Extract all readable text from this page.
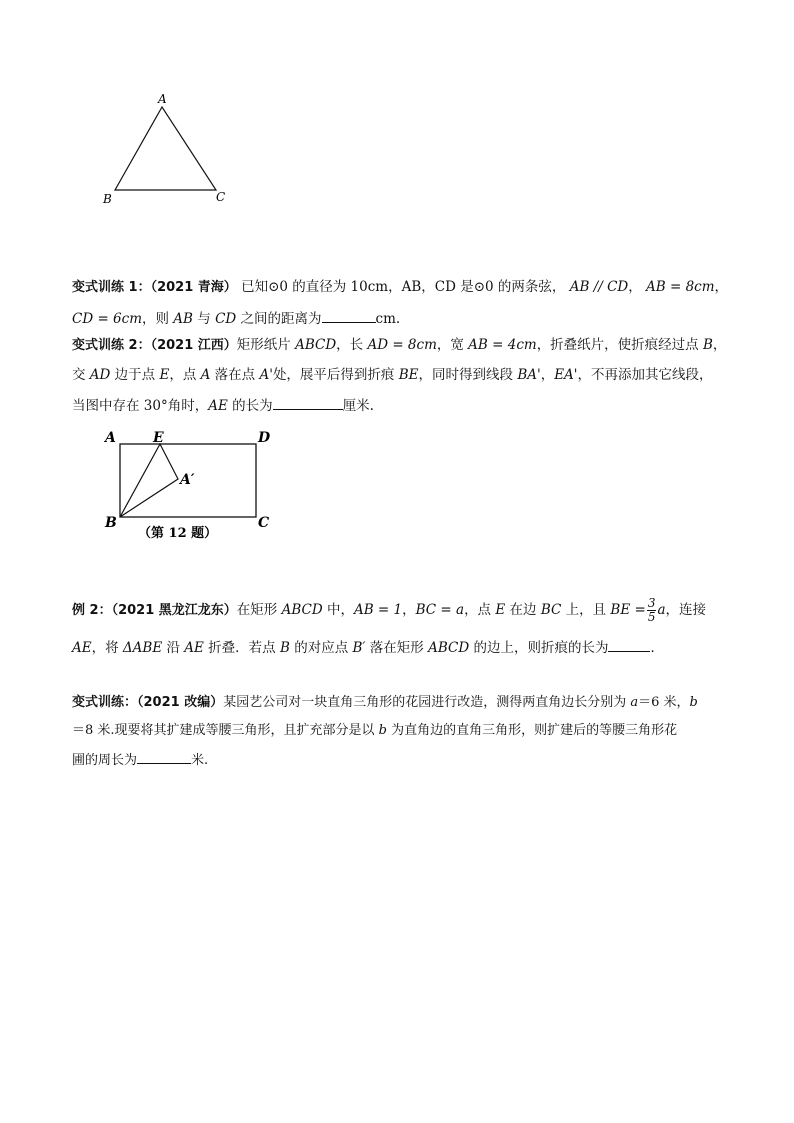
A
B	C
变式训练 1：（2021 青海） 已知⊙0 的直径为 10cm，AB，CD 是⊙0 的两条弦， AB // CD， AB = 8cm，
CD = 6cm，则 AB 与 CD 之间的距离为	cm.
变式训练 2：（2021 江西）矩形纸片 ABCD，长 AD = 8cm，宽 AB = 4cm，折叠纸片，使折痕经过点 B，
交 AD 边于点 E，点 A 落在点 A'处，展平后得到折痕 BE，同时得到线段 BA'，EA'，不再添加其它线段，
当图中存在 30°角时，AE 的长为	厘米.
A	E	D
A′
B	C
（第 12 题）
例 2：（2021 黑龙江龙东）在矩形 ABCD 中，AB = 1，BC = a，点 E 在边 BC 上，且 BE = $\frac{3}{5}$ a，连接
AE，将 ΔABE 沿 AE 折叠．若点 B 的对应点 B′ 落在矩形 ABCD 的边上，则折痕的长为	．
变式训练：（2021 改编）某园艺公司对一块直角三角形的花园进行改造，测得两直角边长分别为 a＝6 米，b
＝8 米.现要将其扩建成等腰三角形，且扩充部分是以 b 为直角边的直角三角形，则扩建后的等腰三角形花
圃的周长为	米.
